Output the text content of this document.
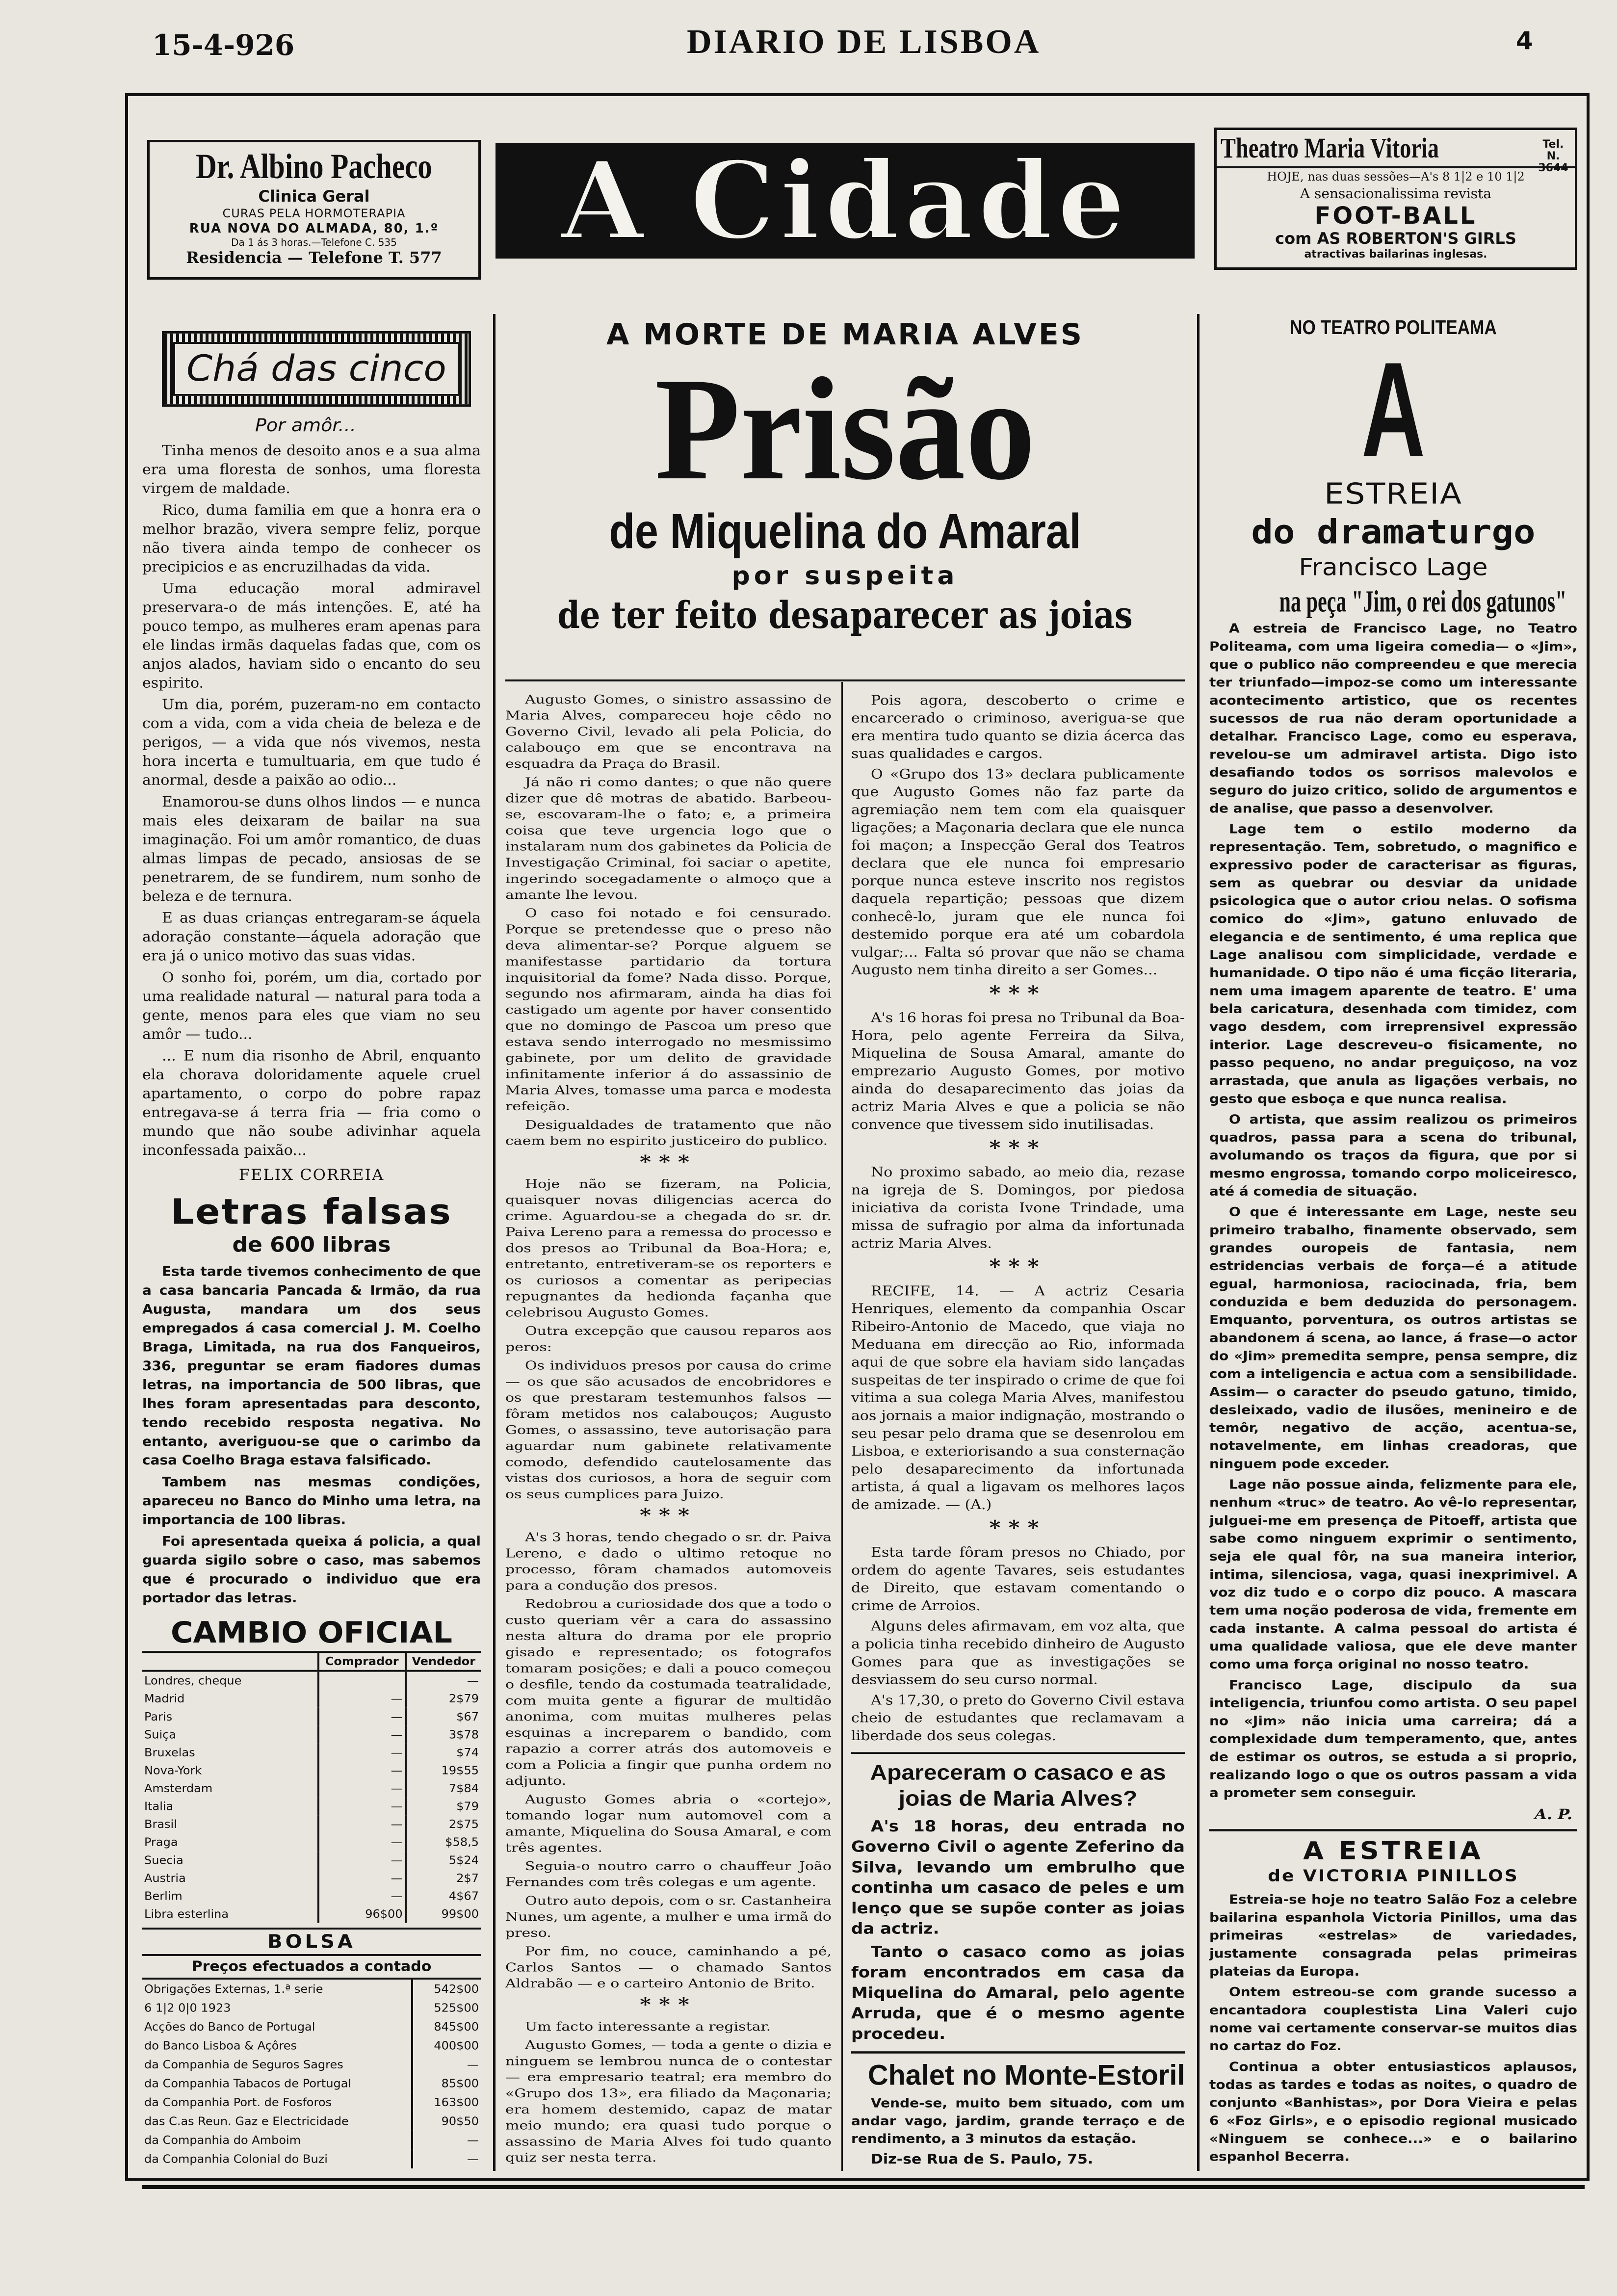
15-4-926	DIARIO DE LISBOA	4
Dr. Albino Pacheco
Clinica Geral
CURAS PELA HORMOTERAPIA
RUA NOVA DO ALMADA, 80, 1.º
Da 1 ás 3 horas.—Telefone C. 535
Residencia — Telefone T. 577	A Cidade	Theatro Maria Vitoria	Tel. N. 3644
HOJE, nas duas sessões—A's 8 1|2 e 10 1|2
A sensacionalissima revista
FOOT-BALL
com AS ROBERTON'S GIRLS
atractivas bailarinas inglesas.
Chá das cinco
Por amôr...

Tinha menos de desoito anos e a sua alma era uma floresta de sonhos, uma floresta virgem de maldade.

Rico, duma familia em que a honra era o melhor brazão, vivera sempre feliz, porque não tivera ainda tempo de conhecer os precipicios e as encruzilhadas da vida.

Uma educação moral admiravel preservara-o de más intenções. E, até ha pouco tempo, as mulheres eram apenas para ele lindas irmãs daquelas fadas que, com os anjos alados, haviam sido o encanto do seu espirito.

Um dia, porém, puzeram-no em contacto com a vida, com a vida cheia de beleza e de perigos, — a vida que nós vivemos, nesta hora incerta e tumultuaria, em que tudo é anormal, desde a paixão ao odio...

Enamorou-se duns olhos lindos — e nunca mais eles deixaram de bailar na sua imaginação. Foi um amôr romantico, de duas almas limpas de pecado, ansiosas de se penetrarem, de se fundirem, num sonho de beleza e de ternura.

E as duas crianças entregaram-se áquela adoração constante—áquela adoração que era já o unico motivo das suas vidas.

O sonho foi, porém, um dia, cortado por uma realidade natural — natural para toda a gente, menos para eles que viam no seu amôr — tudo...

... E num dia risonho de Abril, enquanto ela chorava doloridamente aquele cruel apartamento, o corpo do pobre rapaz entregava-se á terra fria — fria como o mundo que não soube adivinhar aquela inconfessada paixão...

FELIX CORREIA
Letras falsas
de 600 libras

Esta tarde tivemos conhecimento de que a casa bancaria Pancada & Irmão, da rua Augusta, mandara um dos seus empregados á casa comercial J. M. Coelho Braga, Limitada, na rua dos Fanqueiros, 336, preguntar se eram fiadores dumas letras, na importancia de 500 libras, que lhes foram apresentadas para desconto, tendo recebido resposta negativa. No entanto, averiguou-se que o carimbo da casa Coelho Braga estava falsificado.

Tambem nas mesmas condições, apareceu no Banco do Minho uma letra, na importancia de 100 libras.

Foi apresentada queixa á policia, a qual guarda sigilo sobre o caso, mas sabemos que é procurado o individuo que era portador das letras.

CAMBIO OFICIAL
	Comprador	Vendedor
Londres, cheque		—
Madrid	—	2$79
Paris	—	$67
Suiça	—	3$78
Bruxelas	—	$74
Nova-York	—	19$55
Amsterdam	—	7$84
Italia	—	$79
Brasil	—	2$75
Praga	—	$58,5
Suecia	—	5$24
Austria	—	2$7
Berlim	—	4$67
Libra esterlina	96$00	99$00
BOLSA
Preços efectuados a contado
Obrigações Externas, 1.ª serie	542$00
6 1|2 0|0 1923	525$00
Acções do Banco de Portugal	845$00
do Banco Lisboa & Açôres	400$00
da Companhia de Seguros Sagres	—
da Companhia Tabacos de Portugal	85$00
da Companhia Port. de Fosforos	163$00
das C.as Reun. Gaz e Electricidade	90$50
da Companhia do Amboim	—
da Companhia Colonial do Buzi	—
A MORTE DE MARIA ALVES
Prisão
de Miquelina do Amaral
por suspeita
de ter feito desaparecer as joias

Augusto Gomes, o sinistro assassino de Maria Alves, compareceu hoje cêdo no Governo Civil, levado ali pela Policia, do calabouço em que se encontrava na esquadra da Praça do Brasil.

Já não ri como dantes; o que não quere dizer que dê motras de abatido. Barbeou-se, escovaram-lhe o fato; e, a primeira coisa que teve urgencia logo que o instalaram num dos gabinetes da Policia de Investigação Criminal, foi saciar o apetite, ingerindo socegadamente o almoço que a amante lhe levou.

O caso foi notado e foi censurado. Porque se pretendesse que o preso não deva alimentar-se? Porque alguem se manifestasse partidario da tortura inquisitorial da fome? Nada disso. Porque, segundo nos afirmaram, ainda ha dias foi castigado um agente por haver consentido que no domingo de Pascoa um preso que estava sendo interrogado no mesmissimo gabinete, por um delito de gravidade infinitamente inferior á do assassinio de Maria Alves, tomasse uma parca e modesta refeição.

Desigualdades de tratamento que não caem bem no espirito justiceiro do publico.

***

Hoje não se fizeram, na Policia, quaisquer novas diligencias acerca do crime. Aguardou-se a chegada do sr. dr. Paiva Lereno para a remessa do processo e dos presos ao Tribunal da Boa-Hora; e, entretanto, entretiveram-se os reporters e os curiosos a comentar as peripecias repugnantes da hedionda façanha que celebrisou Augusto Gomes.

Outra excepção que causou reparos aos peros:

Os individuos presos por causa do crime — os que são acusados de encobridores e os que prestaram testemunhos falsos — fôram metidos nos calabouços; Augusto Gomes, o assassino, teve autorisação para aguardar num gabinete relativamente comodo, defendido cautelosamente das vistas dos curiosos, a hora de seguir com os seus cumplices para Juizo.

***

A's 3 horas, tendo chegado o sr. dr. Paiva Lereno, e dado o ultimo retoque no processo, fôram chamados automoveis para a condução dos presos.

Redobrou a curiosidade dos que a todo o custo queriam vêr a cara do assassino nesta altura do drama por ele proprio gisado e representado; os fotografos tomaram posições; e dali a pouco começou o desfile, tendo da costumada teatralidade, com muita gente a figurar de multidão anonima, com muitas mulheres pelas esquinas a increparem o bandido, com rapazio a correr atrás dos automoveis e com a Policia a fingir que punha ordem no adjunto.

Augusto Gomes abria o «cortejo», tomando logar num automovel com a amante, Miquelina do Sousa Amaral, e com três agentes.

Seguia-o noutro carro o chauffeur João Fernandes com três colegas e um agente.

Outro auto depois, com o sr. Castanheira Nunes, um agente, a mulher e uma irmã do preso.

Por fim, no couce, caminhando a pé, Carlos Santos — o chamado Santos Aldrabão — e o carteiro Antonio de Brito.

***

Um facto interessante a registar.

Augusto Gomes, — toda a gente o dizia e ninguem se lembrou nunca de o contestar — era empresario teatral; era membro do «Grupo dos 13», era filiado da Maçonaria; era homem destemido, capaz de matar meio mundo; era quasi tudo porque o assassino de Maria Alves foi tudo quanto quiz ser nesta terra.

Pois agora, descoberto o crime e encarcerado o criminoso, averigua-se que era mentira tudo quanto se dizia ácerca das suas qualidades e cargos.

O «Grupo dos 13» declara publicamente que Augusto Gomes não faz parte da agremiação nem tem com ela quaisquer ligações; a Maçonaria declara que ele nunca foi maçon; a Inspecção Geral dos Teatros declara que ele nunca foi empresario porque nunca esteve inscrito nos registos daquela repartição; pessoas que dizem conhecê-lo, juram que ele nunca foi destemido porque era até um cobardola vulgar;... Falta só provar que não se chama Augusto nem tinha direito a ser Gomes...

***

A's 16 horas foi presa no Tribunal da Boa-Hora, pelo agente Ferreira da Silva, Miquelina de Sousa Amaral, amante do emprezario Augusto Gomes, por motivo ainda do desaparecimento das joias da actriz Maria Alves e que a policia se não convence que tivessem sido inutilisadas.

***

No proximo sabado, ao meio dia, rezase na igreja de S. Domingos, por piedosa iniciativa da corista Ivone Trindade, uma missa de sufragio por alma da infortunada actriz Maria Alves.

***

RECIFE, 14. — A actriz Cesaria Henriques, elemento da companhia Oscar Ribeiro-Antonio de Macedo, que viaja no Meduana em direcção ao Rio, informada aqui de que sobre ela haviam sido lançadas suspeitas de ter inspirado o crime de que foi vitima a sua colega Maria Alves, manifestou aos jornais a maior indignação, mostrando o seu pesar pelo drama que se desenrolou em Lisboa, e exteriorisando a sua consternação pelo desaparecimento da infortunada artista, á qual a ligavam os melhores laços de amizade. — (A.)

***

Esta tarde fôram presos no Chiado, por ordem do agente Tavares, seis estudantes de Direito, que estavam comentando o crime de Arroios.

Alguns deles afirmavam, em voz alta, que a policia tinha recebido dinheiro de Augusto Gomes para que as investigações se desviassem do seu curso normal.

A's 17,30, o preto do Governo Civil estava cheio de estudantes que reclamavam a liberdade dos seus colegas.

Apareceram o casaco e as joias de Maria Alves?

A's 18 horas, deu entrada no Governo Civil o agente Zeferino da Silva, levando um embrulho que continha um casaco de peles e um lenço que se supõe conter as joias da actriz.

Tanto o casaco como as joias foram encontrados em casa da Miquelina do Amaral, pelo agente Arruda, que é o mesmo agente procedeu.

Chalet no Monte-Estoril

Vende-se, muito bem situado, com um andar vago, jardim, grande terraço e de rendimento, a 3 minutos da estação.

Diz-se Rua de S. Paulo, 75.
NO TEATRO POLITEAMA
A
ESTREIA
do dramaturgo
Francisco Lage
na peça "Jim, o rei dos gatunos"

A estreia de Francisco Lage, no Teatro Politeama, com uma ligeira comedia— o «Jim», que o publico não compreendeu e que merecia ter triunfado—impoz-se como um interessante acontecimento artistico, que os recentes sucessos de rua não deram oportunidade a detalhar. Francisco Lage, como eu esperava, revelou-se um admiravel artista. Digo isto desafiando todos os sorrisos malevolos e seguro do juizo critico, solido de argumentos e de analise, que passo a desenvolver.

Lage tem o estilo moderno da representação. Tem, sobretudo, o magnifico e expressivo poder de caracterisar as figuras, sem as quebrar ou desviar da unidade psicologica que o autor criou nelas. O sofisma comico do «Jim», gatuno enluvado de elegancia e de sentimento, é uma replica que Lage analisou com simplicidade, verdade e humanidade. O tipo não é uma ficção literaria, nem uma imagem aparente de teatro. E' uma bela caricatura, desenhada com timidez, com vago desdem, com irreprensivel expressão interior. Lage descreveu-o fisicamente, no passo pequeno, no andar preguiçoso, na voz arrastada, que anula as ligações verbais, no gesto que esboça e que nunca realisa.

O artista, que assim realizou os primeiros quadros, passa para a scena do tribunal, avolumando os traços da figura, que por si mesmo engrossa, tomando corpo moliceiresco, até á comedia de situação.

O que é interessante em Lage, neste seu primeiro trabalho, finamente observado, sem grandes ouropeis de fantasia, nem estridencias verbais de força—é a atitude egual, harmoniosa, raciocinada, fria, bem conduzida e bem deduzida do personagem. Emquanto, porventura, os outros artistas se abandonem á scena, ao lance, á frase—o actor do «Jim» premedita sempre, pensa sempre, diz com a inteligencia e actua com a sensibilidade. Assim— o caracter do pseudo gatuno, timido, desleixado, vadio de ilusões, menineiro e de temôr, negativo de acção, acentua-se, notavelmente, em linhas creadoras, que ninguem pode exceder.

Lage não possue ainda, felizmente para ele, nenhum «truc» de teatro. Ao vê-lo representar, julguei-me em presença de Pitoeff, artista que sabe como ninguem exprimir o sentimento, seja ele qual fôr, na sua maneira interior, intima, silenciosa, vaga, quasi inexprimivel. A voz diz tudo e o corpo diz pouco. A mascara tem uma noção poderosa de vida, fremente em cada instante. A calma pessoal do artista é uma qualidade valiosa, que ele deve manter como uma força original no nosso teatro.

Francisco Lage, discipulo da sua inteligencia, triunfou como artista. O seu papel no «Jim» não inicia uma carreira; dá a complexidade dum temperamento, que, antes de estimar os outros, se estuda a si proprio, realizando logo o que os outros passam a vida a prometer sem conseguir.

A. P.
A ESTREIA
de VICTORIA PINILLOS

Estreia-se hoje no teatro Salão Foz a celebre bailarina espanhola Victoria Pinillos, uma das primeiras «estrelas» de variedades, justamente consagrada pelas primeiras plateias da Europa.

Ontem estreou-se com grande sucesso a encantadora couplestista Lina Valeri cujo nome vai certamente conservar-se muitos dias no cartaz do Foz.

Continua a obter entusiasticos aplausos, todas as tardes e todas as noites, o quadro de conjunto «Banhistas», por Dora Vieira e pelas 6 «Foz Girls», e o episodio regional musicado «Ninguem se conhece...» e o bailarino espanhol Becerra.
